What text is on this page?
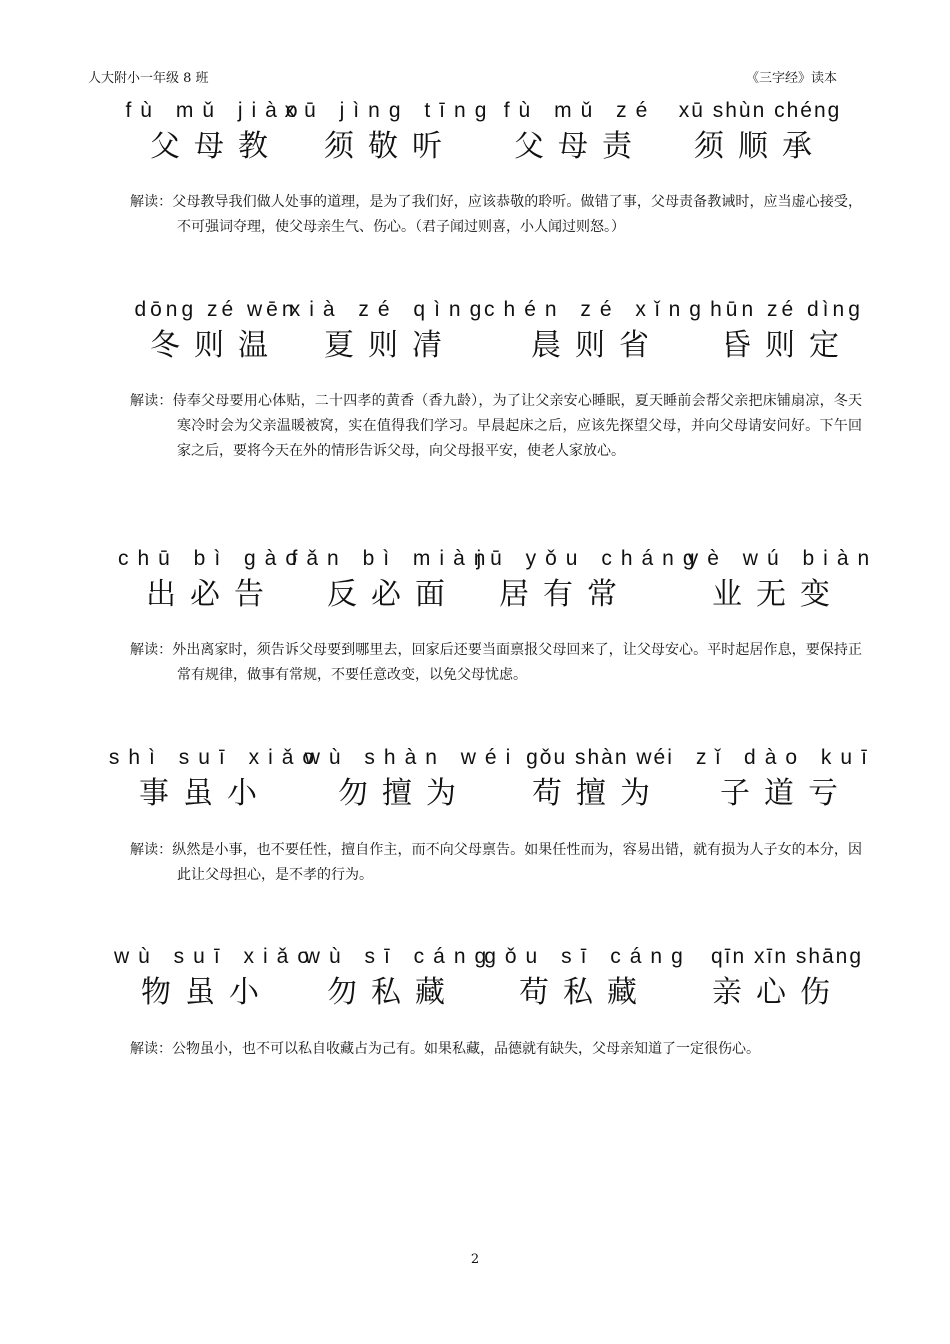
人大附小一年级 8 班	《三字经》读本
fù mǔ jiào
父母教
xū jìng tīng
须敬听
fù mǔ zé
父母责
xū shùn chéng
须顺承
解读：父母教导我们做人处事的道理，是为了我们好，应该恭敬的聆听。做错了事，父母责备教诫时，应当虚心接受，不可强词夺理，使父母亲生气、伤心。（君子闻过则喜，小人闻过则怒。）
dōng zé wēn
冬则温
xià zé qìng
夏则凊
chén zé xǐng
晨则省
hūn zé dìng
昏则定
解读：侍奉父母要用心体贴，二十四孝的黄香（香九龄），为了让父亲安心睡眠，夏天睡前会帮父亲把床铺扇凉，冬天寒冷时会为父亲温暖被窝，实在值得我们学习。早晨起床之后，应该先探望父母，并向父母请安问好。下午回家之后，要将今天在外的情形告诉父母，向父母报平安，使老人家放心。
chū bì gào
出必告
fǎn bì miàn
反必面
jū yǒu cháng
居有常
yè wú biàn
业无变
解读：外出离家时，须告诉父母要到哪里去，回家后还要当面禀报父母回来了，让父母安心。平时起居作息，要保持正常有规律，做事有常规，不要任意改变，以免父母忧虑。
shì suī xiǎo
事虽小
wù shàn wéi
勿擅为
gǒu shàn wéi
苟擅为
zǐ dào kuī
子道亏
解读：纵然是小事，也不要任性，擅自作主，而不向父母禀告。如果任性而为，容易出错，就有损为人子女的本分，因此让父母担心，是不孝的行为。
wù suī xiǎo
物虽小
wù sī cáng
勿私藏
gǒu sī cáng
苟私藏
qīn xīn shāng
亲心伤
解读：公物虽小，也不可以私自收藏占为己有。如果私藏，品德就有缺失，父母亲知道了一定很伤心。
2
